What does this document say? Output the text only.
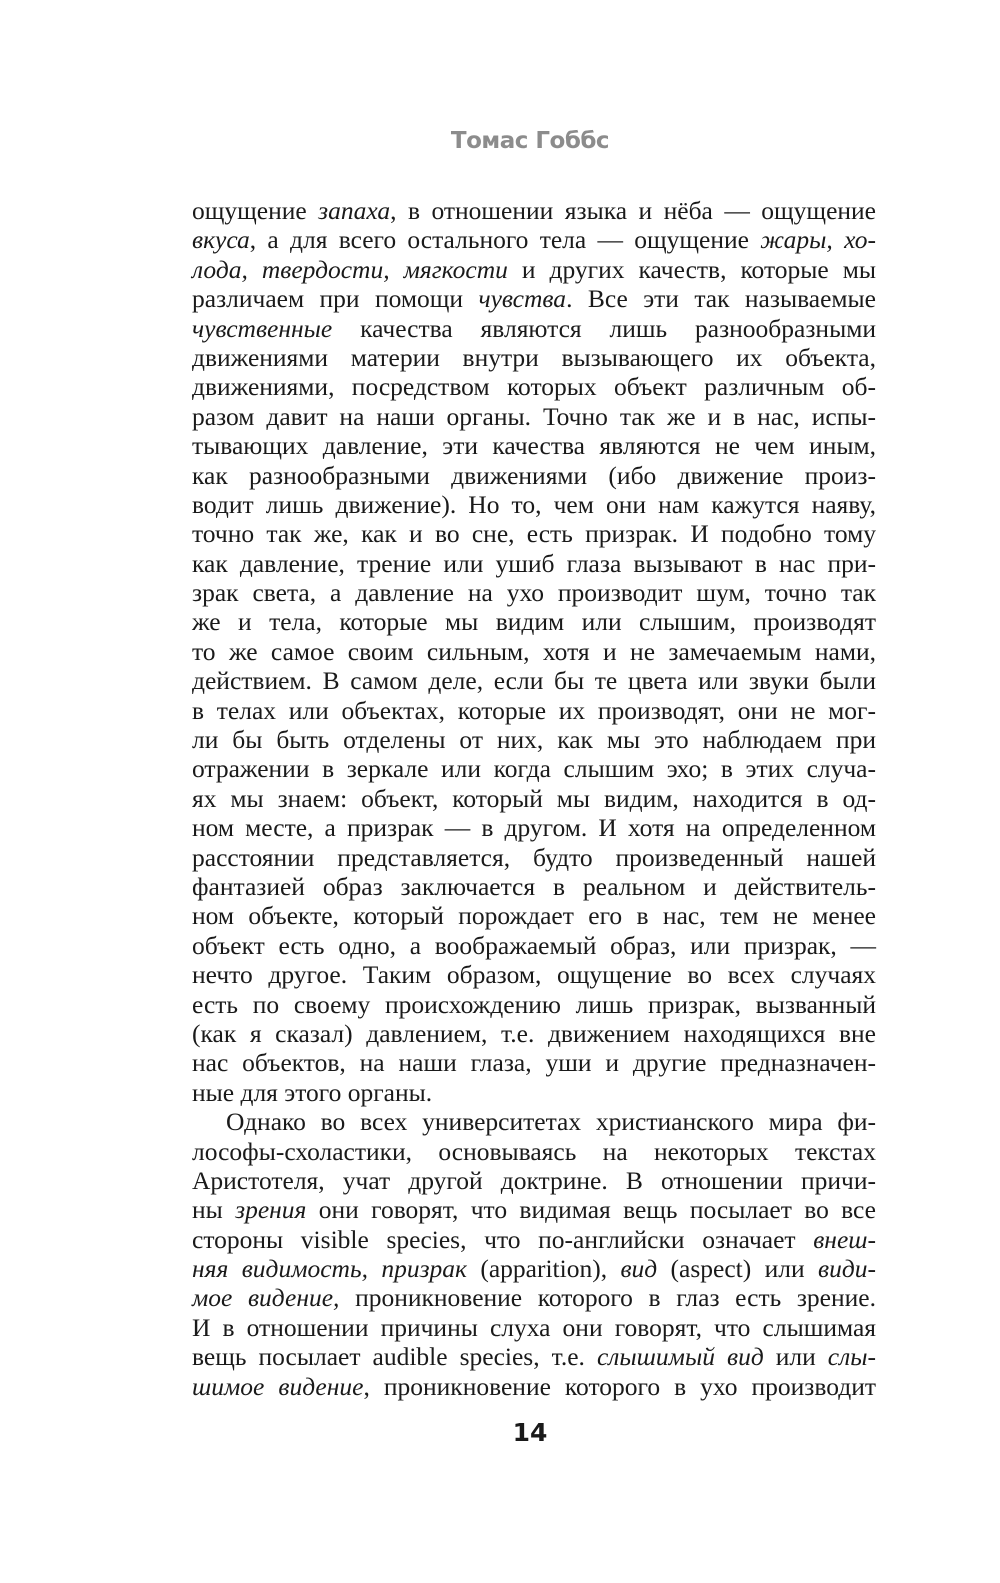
Томас Гоббс
ощущение запаха, в отношении языка и нёба — ощущение
вкуса, а для всего остального тела — ощущение жары, хо-
лода, твердости, мягкости и других качеств, которые мы
различаем при помощи чувства. Все эти так называемые
чувственные качества являются лишь разнообразными
движениями материи внутри вызывающего их объекта,
движениями, посредством которых объект различным об-
разом давит на наши органы. Точно так же и в нас, испы-
тывающих давление, эти качества являются не чем иным,
как разнообразными движениями (ибо движение произ-
водит лишь движение). Но то, чем они нам кажутся наяву,
точно так же, как и во сне, есть призрак. И подобно тому
как давление, трение или ушиб глаза вызывают в нас при-
зрак света, а давление на ухо производит шум, точно так
же и тела, которые мы видим или слышим, производят
то же самое своим сильным, хотя и не замечаемым нами,
действием. В самом деле, если бы те цвета или звуки были
в телах или объектах, которые их производят, они не мог-
ли бы быть отделены от них, как мы это наблюдаем при
отражении в зеркале или когда слышим эхо; в этих случа-
ях мы знаем: объект, который мы видим, находится в од-
ном месте, а призрак — в другом. И хотя на определенном
расстоянии представляется, будто произведенный нашей
фантазией образ заключается в реальном и действитель-
ном объекте, который порождает его в нас, тем не менее
объект есть одно, а воображаемый образ, или призрак, —
нечто другое. Таким образом, ощущение во всех случаях
есть по своему происхождению лишь призрак, вызванный
(как я сказал) давлением, т.е. движением находящихся вне
нас объектов, на наши глаза, уши и другие предназначен-
ные для этого органы.
Однако во всех университетах христианского мира фи-
лософы-схоластики, основываясь на некоторых текстах
Аристотеля, учат другой доктрине. В отношении причи-
ны зрения они говорят, что видимая вещь посылает во все
стороны visible species, что по-английски означает внеш-
няя видимость, призрак (apparition), вид (aspect) или види-
мое видение, проникновение которого в глаз есть зрение.
И в отношении причины слуха они говорят, что слышимая
вещь посылает audible species, т.е. слышимый вид или слы-
шимое видение, проникновение которого в ухо производит
14
